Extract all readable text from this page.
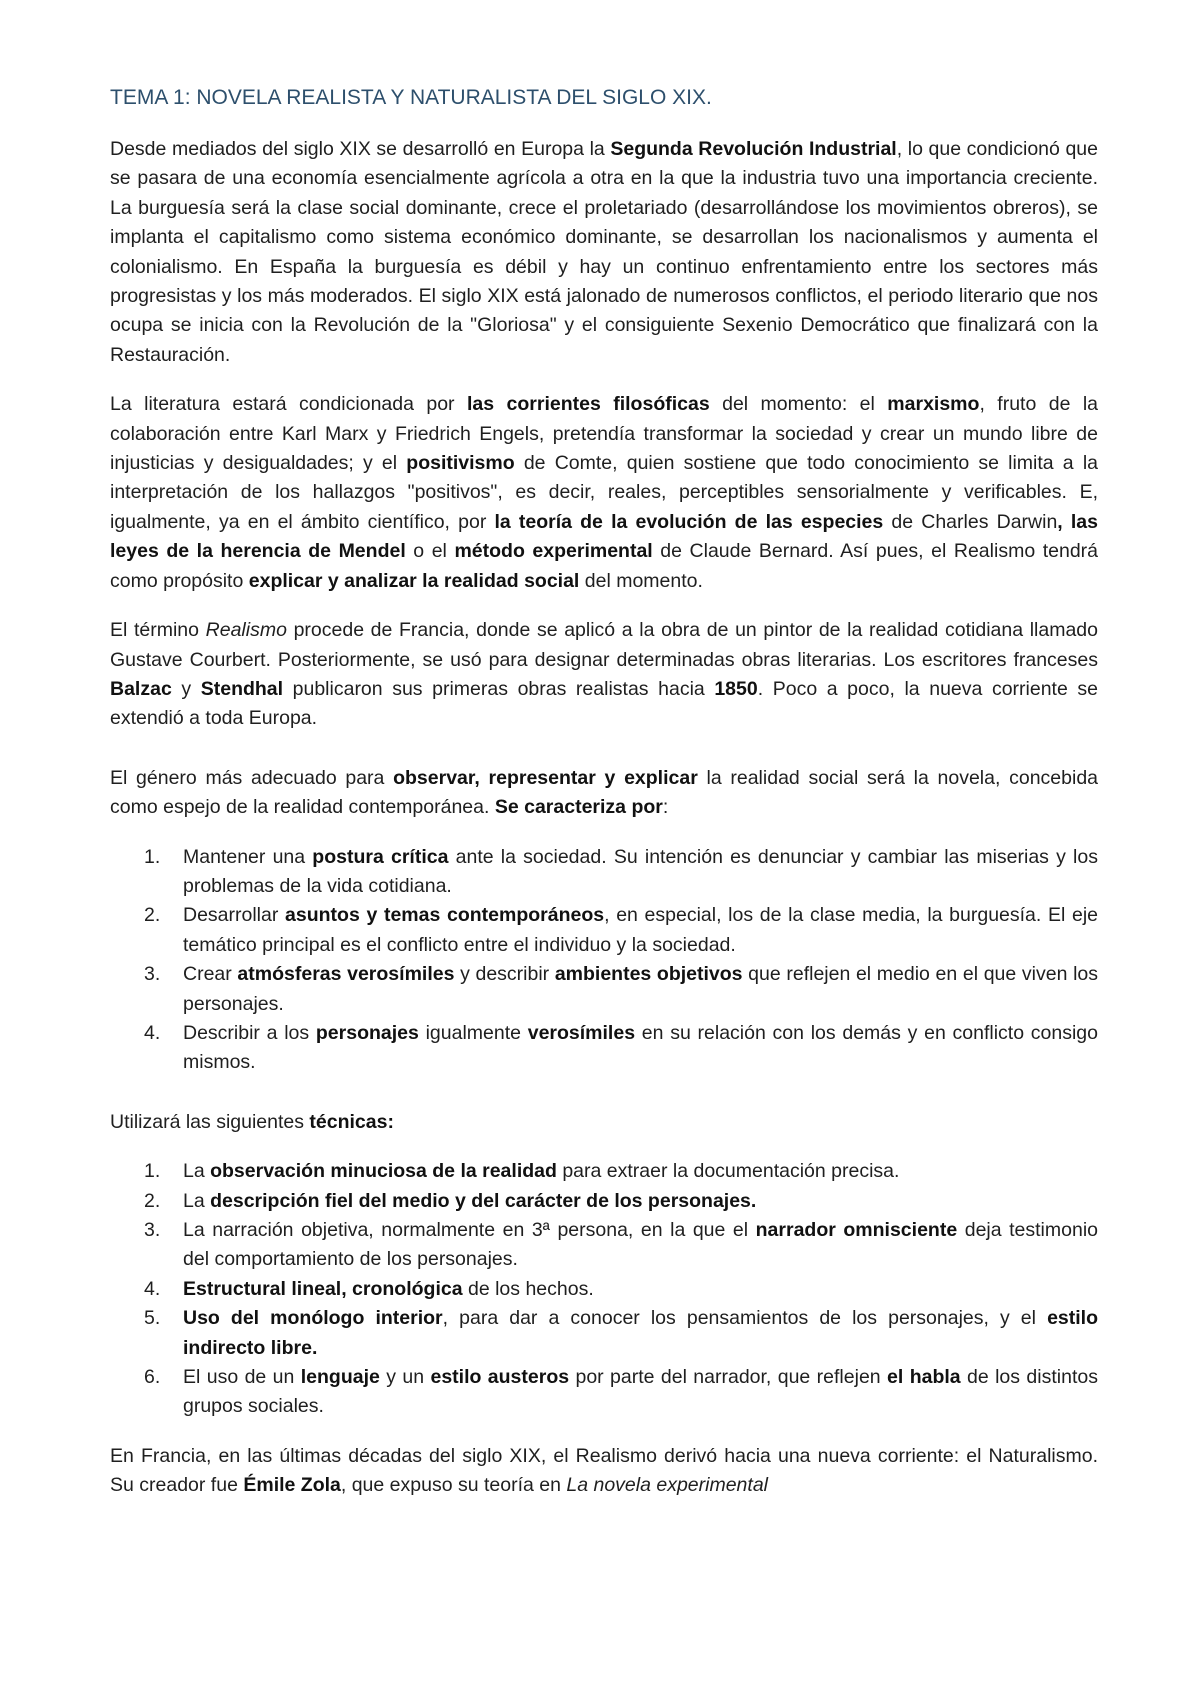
TEMA 1: NOVELA REALISTA Y NATURALISTA DEL SIGLO XIX.

Desde mediados del siglo XIX se desarrolló en Europa la Segunda Revolución Industrial, lo que condicionó que se pasara de una economía esencialmente agrícola a otra en la que la industria tuvo una importancia creciente. La burguesía será la clase social dominante, crece el proletariado (desarrollándose los movimientos obreros), se implanta el capitalismo como sistema económico dominante, se desarrollan los nacionalismos y aumenta el colonialismo. En España la burguesía es débil y hay un continuo enfrentamiento entre los sectores más progresistas y los más moderados. El siglo XIX está jalonado de numerosos conflictos, el periodo literario que nos ocupa se inicia con la Revolución de la "Gloriosa" y el consiguiente Sexenio Democrático que finalizará con la Restauración.

La literatura estará condicionada por las corrientes filosóficas del momento: el marxismo, fruto de la colaboración entre Karl Marx y Friedrich Engels, pretendía transformar la sociedad y crear un mundo libre de injusticias y desigualdades; y el positivismo de Comte, quien sostiene que todo conocimiento se limita a la interpretación de los hallazgos "positivos", es decir, reales, perceptibles sensorialmente y verificables. E, igualmente, ya en el ámbito científico, por la teoría de la evolución de las especies de Charles Darwin, las leyes de la herencia de Mendel o el método experimental de Claude Bernard. Así pues, el Realismo tendrá como propósito explicar y analizar la realidad social del momento.

El término Realismo procede de Francia, donde se aplicó a la obra de un pintor de la realidad cotidiana llamado Gustave Courbert. Posteriormente, se usó para designar determinadas obras literarias. Los escritores franceses Balzac y Stendhal publicaron sus primeras obras realistas hacia 1850. Poco a poco, la nueva corriente se extendió a toda Europa.

El género más adecuado para observar, representar y explicar la realidad social será la novela, concebida como espejo de la realidad contemporánea. Se caracteriza por:

1. Mantener una postura crítica ante la sociedad. Su intención es denunciar y cambiar las miserias y los problemas de la vida cotidiana.
2. Desarrollar asuntos y temas contemporáneos, en especial, los de la clase media, la burguesía. El eje temático principal es el conflicto entre el individuo y la sociedad.
3. Crear atmósferas verosímiles y describir ambientes objetivos que reflejen el medio en el que viven los personajes.
4. Describir a los personajes igualmente verosímiles en su relación con los demás y en conflicto consigo mismos.

Utilizará las siguientes técnicas:

1. La observación minuciosa de la realidad para extraer la documentación precisa.
2. La descripción fiel del medio y del carácter de los personajes.
3. La narración objetiva, normalmente en 3ª persona, en la que el narrador omnisciente deja testimonio del comportamiento de los personajes.
4. Estructural lineal, cronológica de los hechos.
5. Uso del monólogo interior, para dar a conocer los pensamientos de los personajes, y el estilo indirecto libre.
6. El uso de un lenguaje y un estilo austeros por parte del narrador, que reflejen el habla de los distintos grupos sociales.

En Francia, en las últimas décadas del siglo XIX, el Realismo derivó hacia una nueva corriente: el Naturalismo. Su creador fue Émile Zola, que expuso su teoría en La novela experimental
